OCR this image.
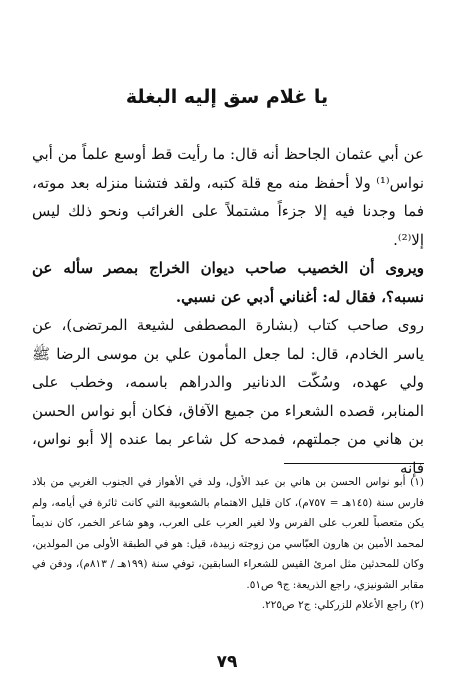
يا غلام سق إليه البغلة

عن أبي عثمان الجاحظ أنه قال: ما رأيت قط أوسع علماً من أبي نواس⁽¹⁾ ولا أحفظ منه مع قلة كتبه، ولقد فتشنا منزله بعد موته، فما وجدنا فيه إلا جزءاً مشتملاً على الغرائب ونحو ذلك ليس إلا⁽²⁾.

ويروى أن الخصيب صاحب ديوان الخراج بمصر سأله عن نسبه؟، فقال له: أغناني أدبي عن نسبي.

روى صاحب كتاب (بشارة المصطفى لشيعة المرتضى)، عن ياسر الخادم، قال: لما جعل المأمون علي بن موسى الرضا ﷺ ولي عهده، وسُكّت الدنانير والدراهم باسمه، وخطب على المنابر، قصده الشعراء من جميع الآفاق، فكان أبو نواس الحسن بن هاني من جملتهم، فمدحه كل شاعر بما عنده إلا أبو نواس، فإنه

(١) أبو نواس الحسن بن هاني بن عبد الأول، ولد في الأهواز في الجنوب الغربي من بلاد فارس سنة (١٤٥هـ = ٧٥٧م)، كان قليل الاهتمام بالشعوبية التي كانت ثائرة في أيامه، ولم يكن متعصباً للعرب على الفرس ولا لغير العرب على العرب، وهو شاعر الخمر، كان نديماً لمحمد الأمين بن هارون العبّاسي من زوجته زبيدة، قيل: هو في الطبقة الأولى من المولدين، وكان للمحدثين مثل امرئ القيس للشعراء السابقين، توفي سنة (١٩٩هـ / ٨١٣م)، ودفن في مقابر الشونيزي، راجع الذريعة: ج٩ ص٥١.

(٢) راجع الأعلام للزركلي: ج٢ ص٢٢٥.

٧٩
